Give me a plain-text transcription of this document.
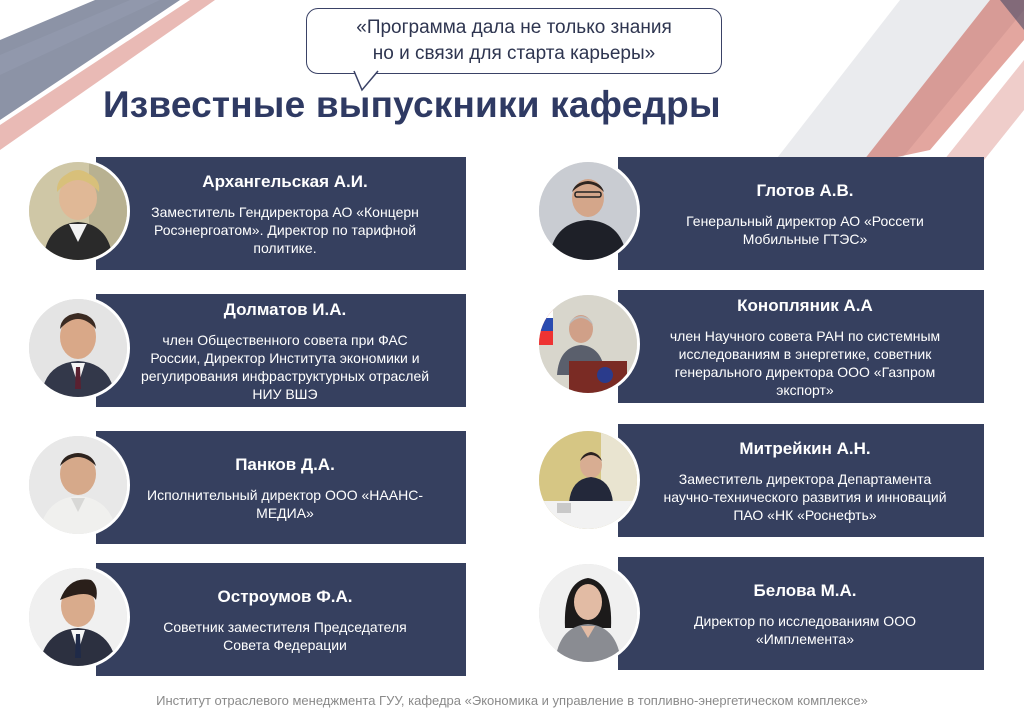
«Программа дала не только знания
но и связи для старта карьеры»
Известные выпускники кафедры
Архангельская А.И.
Заместитель Гендиректора АО «Концерн
Росэнергоатом». Директор по тарифной
политике.
Долматов И.А.
член Общественного совета при ФАС
России, Директор Института экономики и
регулирования инфраструктурных отраслей
НИУ ВШЭ
Панков Д.А.
Исполнительный директор ООО «НААНС-
МЕДИА»
Остроумов Ф.А.
Советник заместителя Председателя
Совета Федерации
Глотов А.В.
Генеральный директор АО «Россети
Мобильные ГТЭС»
Конопляник А.А
член Научного совета РАН по системным
исследованиям в энергетике, советник
генерального директора ООО «Газпром
экспорт»
Митрейкин А.Н.
Заместитель директора Департамента
научно-технического развития и инноваций
ПАО «НК «Роснефть»
Белова М.А.
Директор по исследованиям ООО
«Имплемента»
Институт отраслевого менеджмента ГУУ, кафедра «Экономика и управление в топливно-энергетическом комплексе»
